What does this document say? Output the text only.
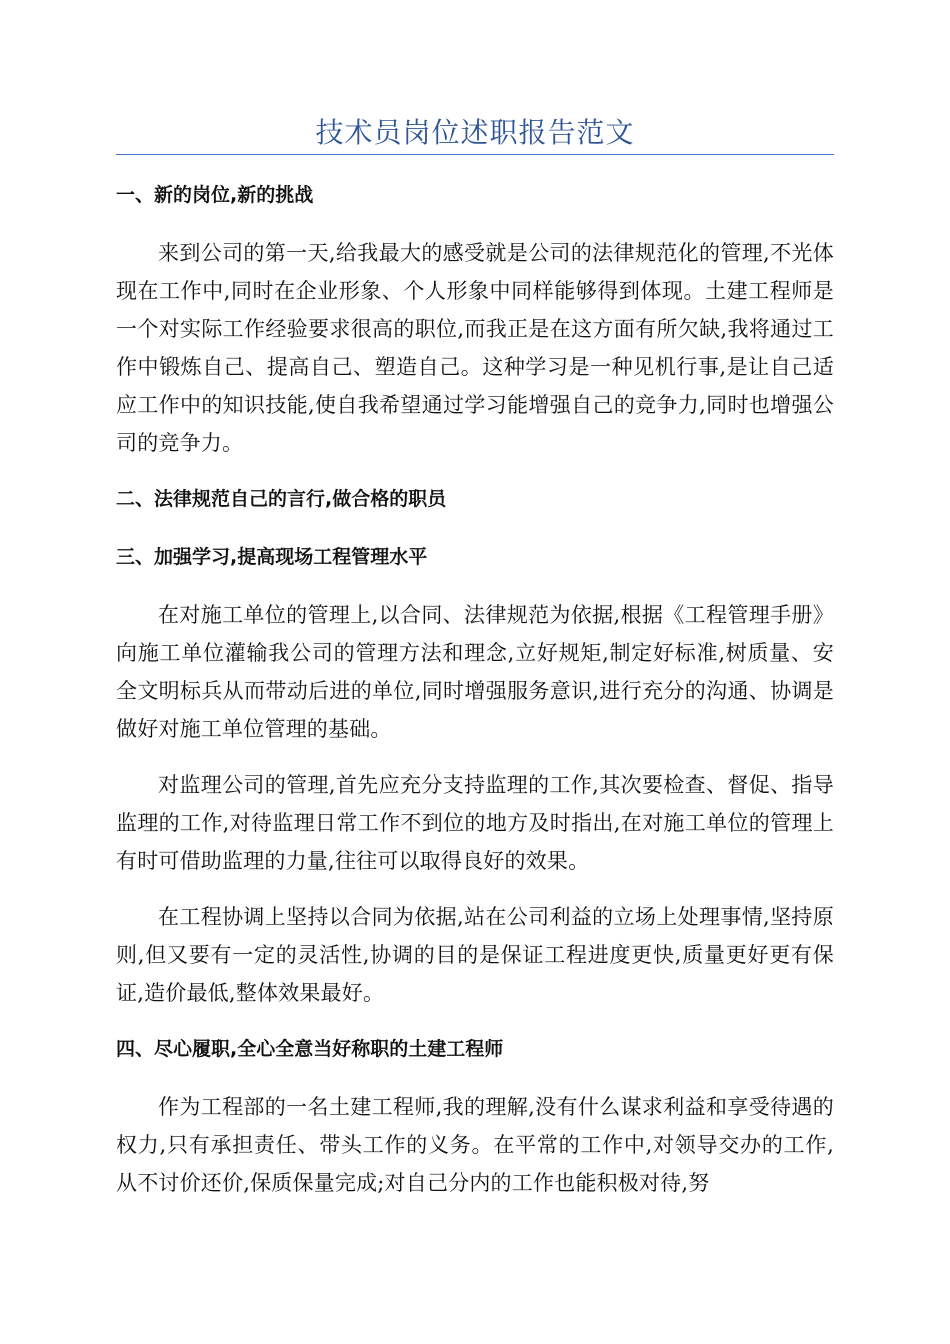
技术员岗位述职报告范文
一、新的岗位,新的挑战

来到公司的第一天,给我最大的感受就是公司的法律规范化的管理,不光体现在工作中,同时在企业形象、个人形象中同样能够得到体现。土建工程师是一个对实际工作经验要求很高的职位,而我正是在这方面有所欠缺,我将通过工作中锻炼自己、提高自己、塑造自己。这种学习是一种见机行事,是让自己适应工作中的知识技能,使自我希望通过学习能增强自己的竞争力,同时也增强公司的竞争力。

二、法律规范自己的言行,做合格的职员
三、加强学习,提高现场工程管理水平

在对施工单位的管理上,以合同、法律规范为依据,根据《工程管理手册》向施工单位灌输我公司的管理方法和理念,立好规矩,制定好标准,树质量、安全文明标兵从而带动后进的单位,同时增强服务意识,进行充分的沟通、协调是做好对施工单位管理的基础。

对监理公司的管理,首先应充分支持监理的工作,其次要检查、督促、指导监理的工作,对待监理日常工作不到位的地方及时指出,在对施工单位的管理上有时可借助监理的力量,往往可以取得良好的效果。

在工程协调上坚持以合同为依据,站在公司利益的立场上处理事情,坚持原则,但又要有一定的灵活性,协调的目的是保证工程进度更快,质量更好更有保证,造价最低,整体效果最好。

四、尽心履职,全心全意当好称职的土建工程师

作为工程部的一名土建工程师,我的理解,没有什么谋求利益和享受待遇的权力,只有承担责任、带头工作的义务。在平常的工作中,对领导交办的工作,从不讨价还价,保质保量完成;对自己分内的工作也能积极对待,努
